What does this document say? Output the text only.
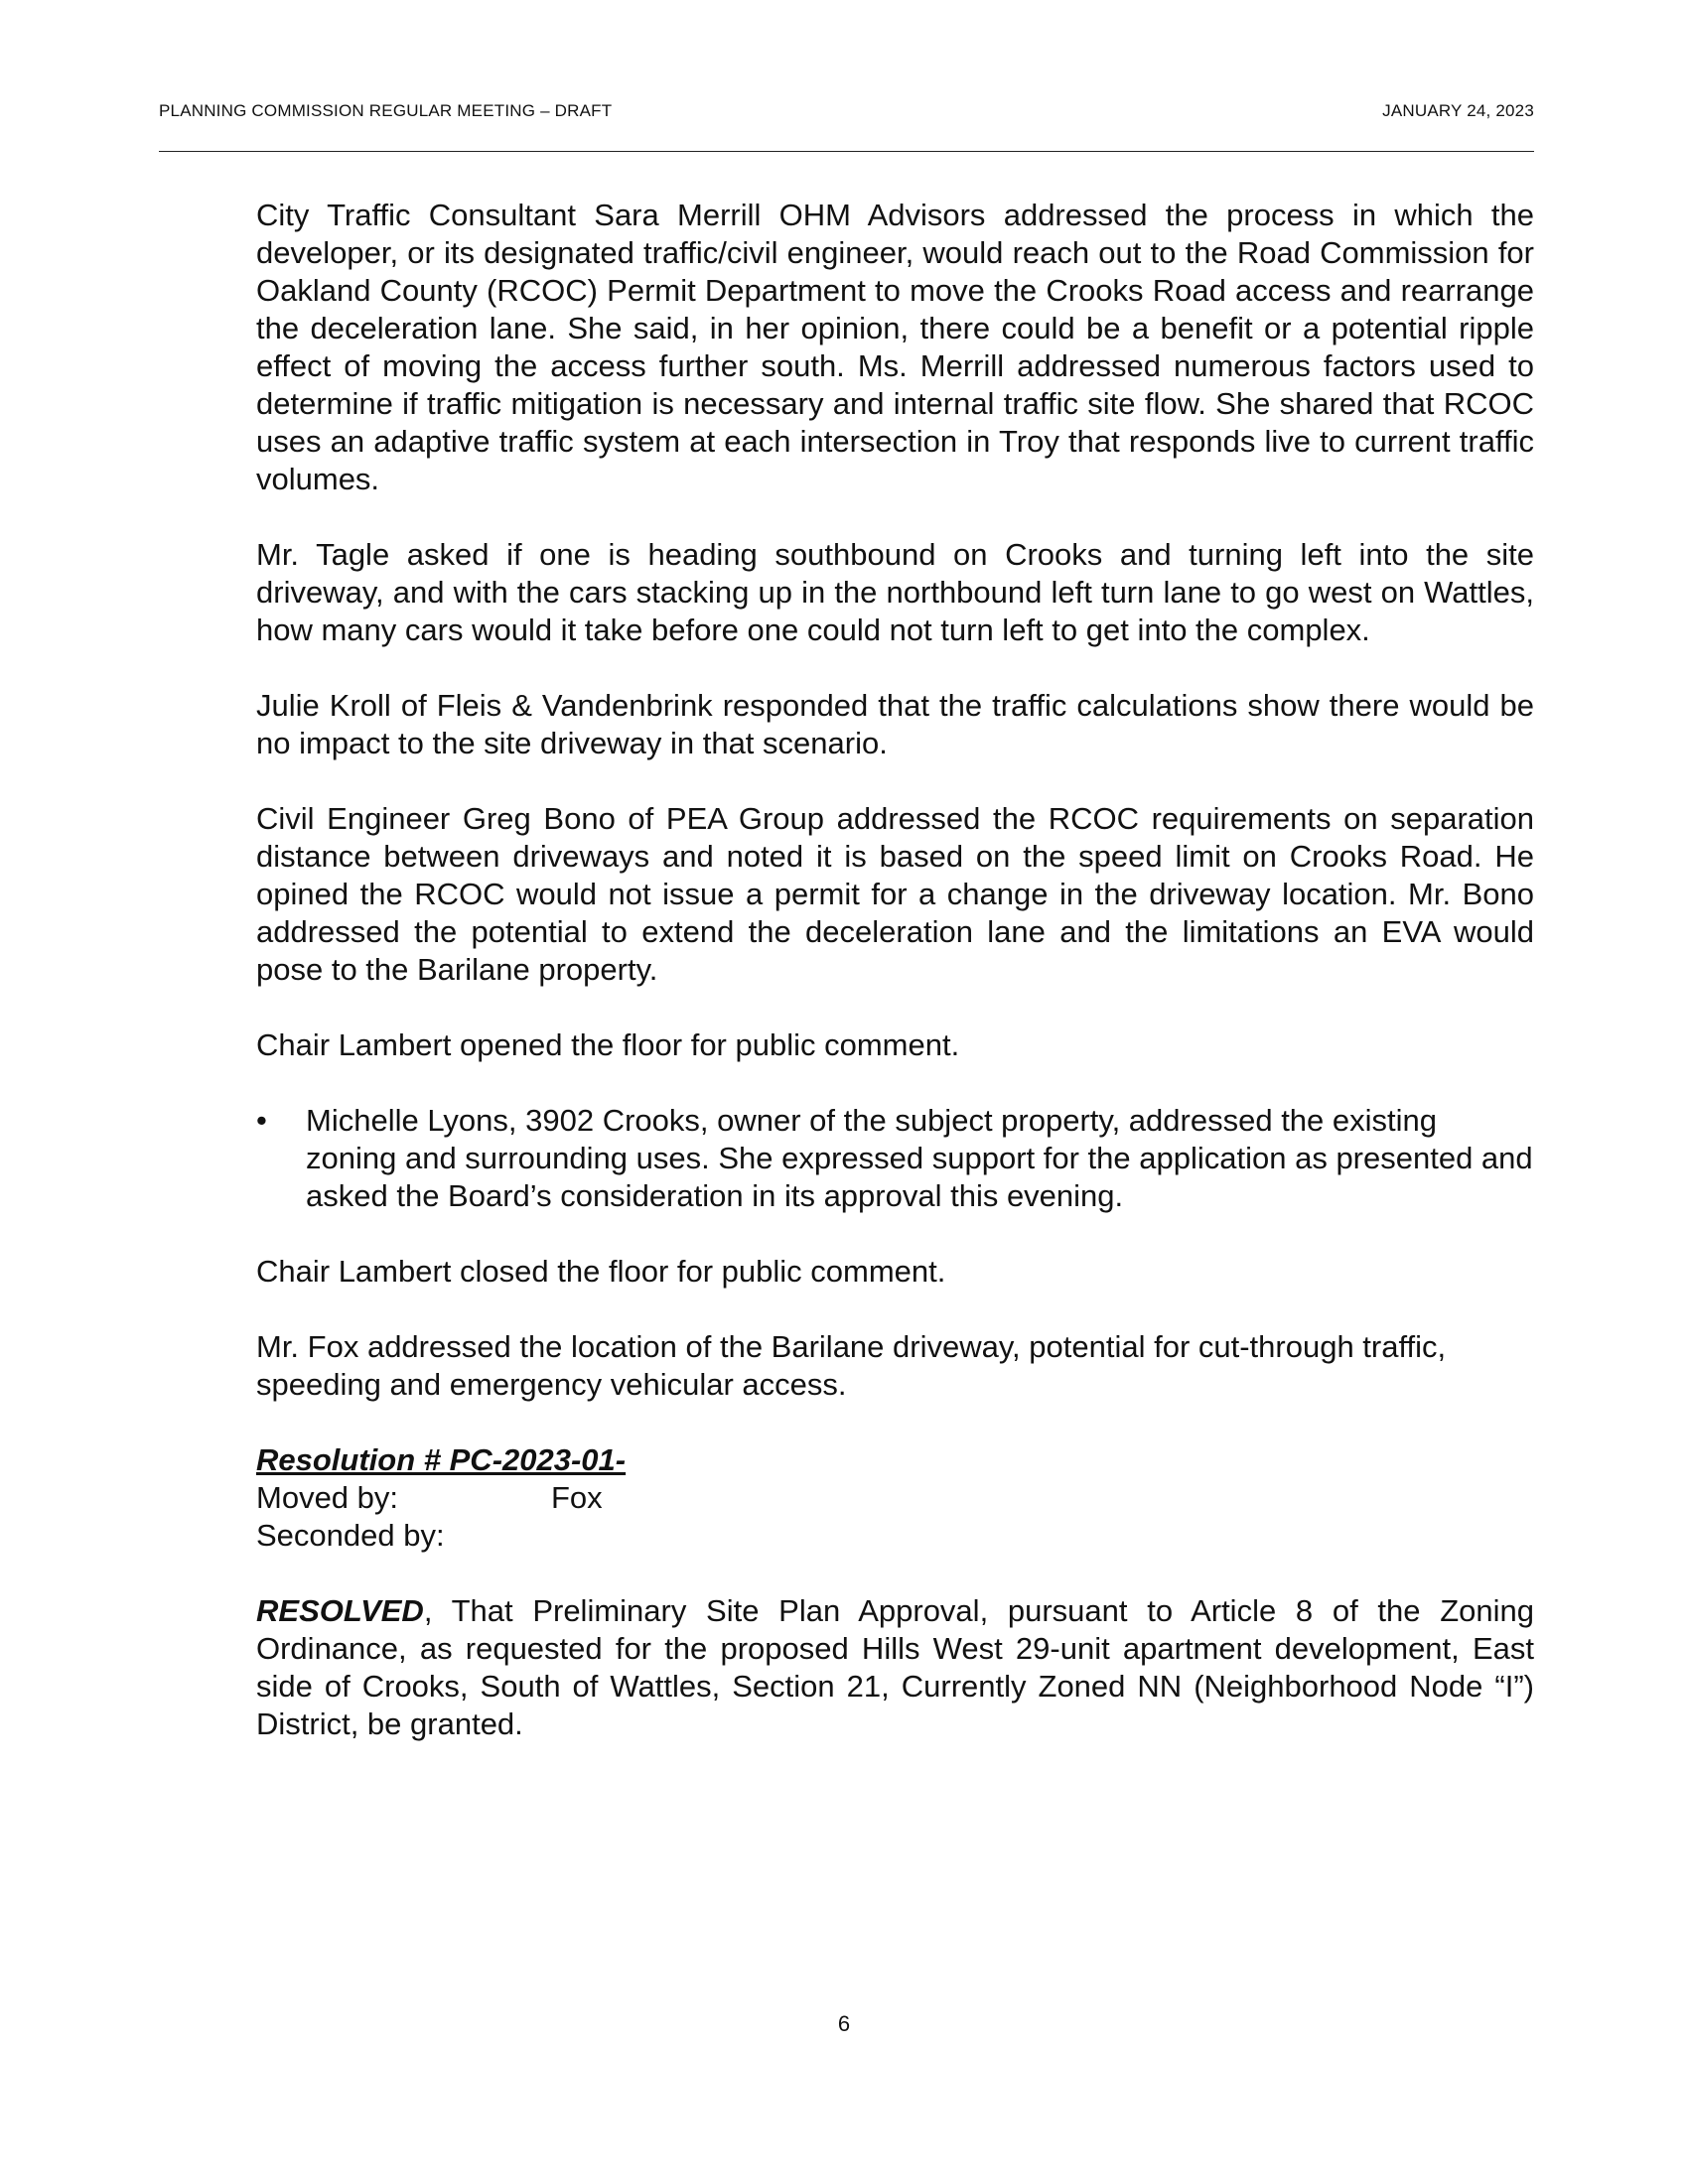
PLANNING COMMISSION REGULAR MEETING – DRAFT	JANUARY 24, 2023

City Traffic Consultant Sara Merrill OHM Advisors addressed the process in which the developer, or its designated traffic/civil engineer, would reach out to the Road Commission for Oakland County (RCOC) Permit Department to move the Crooks Road access and rearrange the deceleration lane. She said, in her opinion, there could be a benefit or a potential ripple effect of moving the access further south. Ms. Merrill addressed numerous factors used to determine if traffic mitigation is necessary and internal traffic site flow. She shared that RCOC uses an adaptive traffic system at each intersection in Troy that responds live to current traffic volumes.

Mr. Tagle asked if one is heading southbound on Crooks and turning left into the site driveway, and with the cars stacking up in the northbound left turn lane to go west on Wattles, how many cars would it take before one could not turn left to get into the complex.

Julie Kroll of Fleis & Vandenbrink responded that the traffic calculations show there would be no impact to the site driveway in that scenario.

Civil Engineer Greg Bono of PEA Group addressed the RCOC requirements on separation distance between driveways and noted it is based on the speed limit on Crooks Road. He opined the RCOC would not issue a permit for a change in the driveway location. Mr. Bono addressed the potential to extend the deceleration lane and the limitations an EVA would pose to the Barilane property.

Chair Lambert opened the floor for public comment.

• Michelle Lyons, 3902 Crooks, owner of the subject property, addressed the existing zoning and surrounding uses. She expressed support for the application as presented and asked the Board’s consideration in its approval this evening.

Chair Lambert closed the floor for public comment.

Mr. Fox addressed the location of the Barilane driveway, potential for cut-through traffic, speeding and emergency vehicular access.

Resolution # PC-2023-01-
Moved by:	Fox
Seconded by:

RESOLVED, That Preliminary Site Plan Approval, pursuant to Article 8 of the Zoning Ordinance, as requested for the proposed Hills West 29-unit apartment development, East side of Crooks, South of Wattles, Section 21, Currently Zoned NN (Neighborhood Node “I”) District, be granted.

6
